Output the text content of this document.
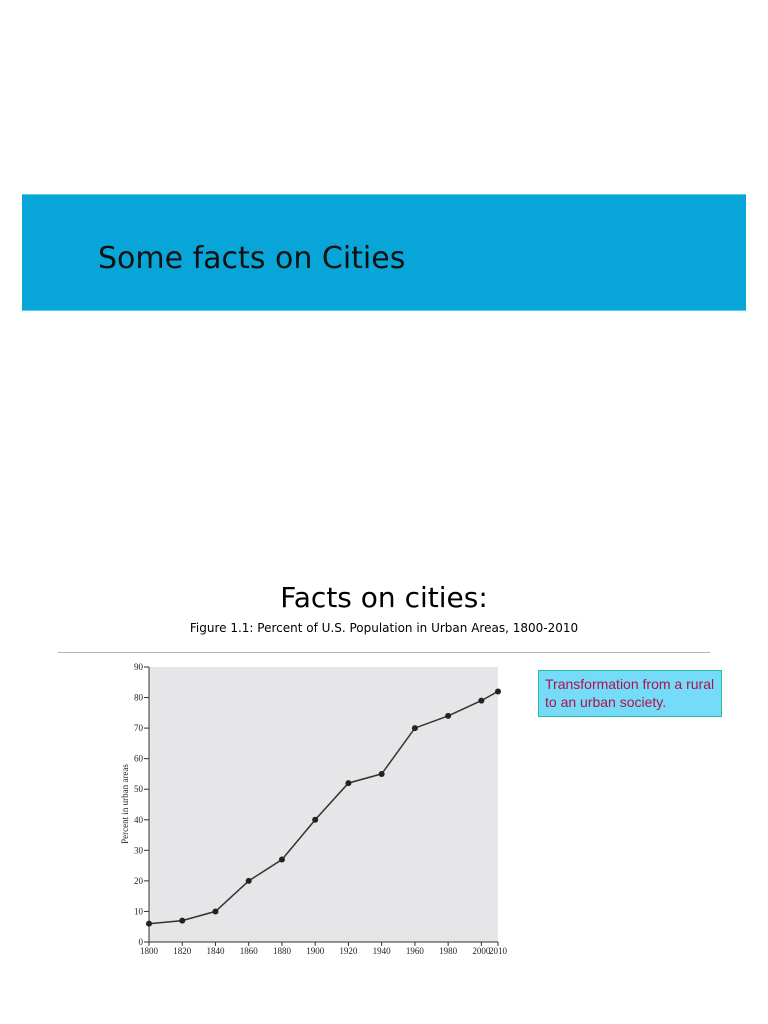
Some facts on Cities
Facts on cities:
Figure 1.1: Percent of U.S. Population in Urban Areas, 1800-2010
0
10
20
30
40
50
60
70
80
90
1800 1820 1840 1860 1880 1900 1920 1940 1960 1980 2000
2010
Percent in urban areas
Transformation from a rural to an urban society.
